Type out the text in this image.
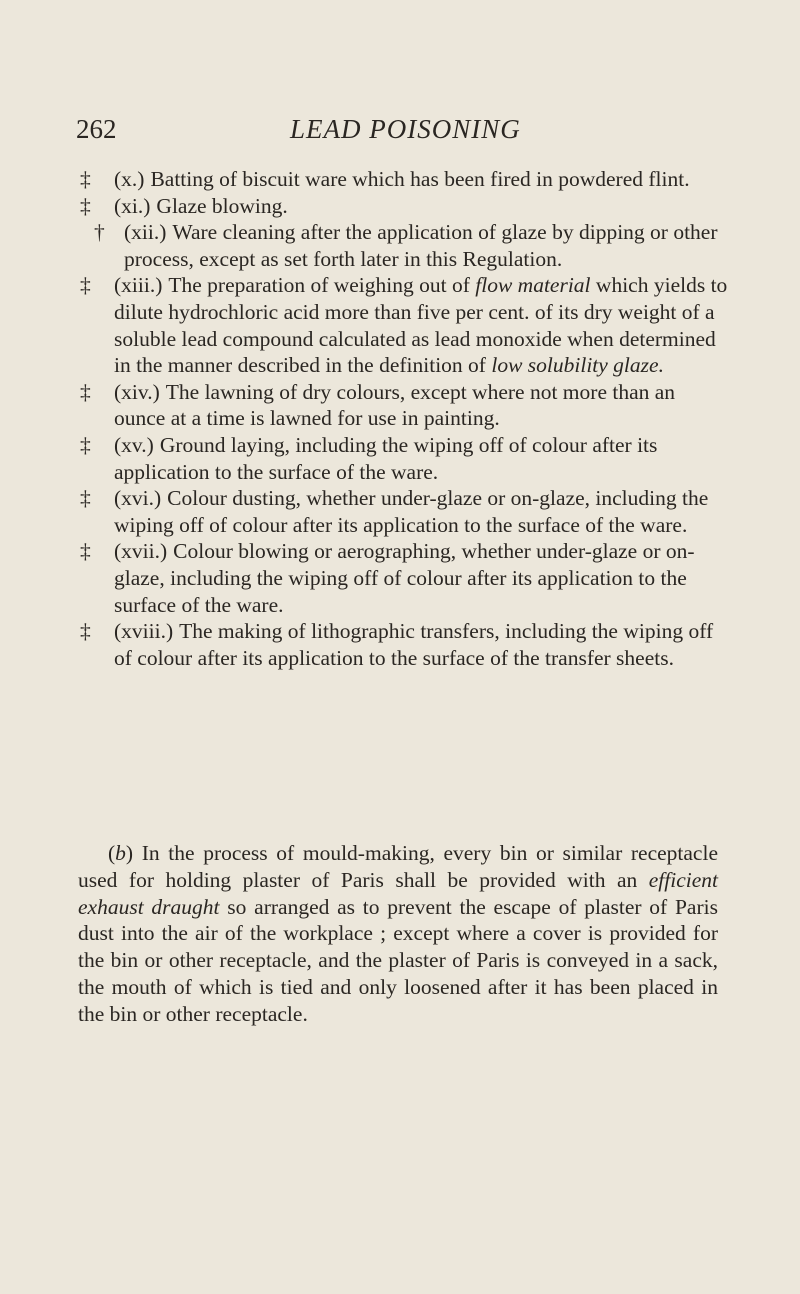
262	LEAD POISONING

‡	(x.) Batting of biscuit ware which has been fired in powdered flint.

‡	(xi.) Glaze blowing.

† (xii.) Ware cleaning after the application of glaze by dipping or other process, except as set forth later in this Regulation.

‡	(xiii.) The preparation of weighing out of flow material which yields to dilute hydrochloric acid more than five per cent. of its dry weight of a soluble lead compound calculated as lead monoxide when determined in the manner described in the definition of low solubility glaze.

‡	(xiv.) The lawning of dry colours, except where not more than an ounce at a time is lawned for use in painting.

‡	(xv.) Ground laying, including the wiping off of colour after its application to the surface of the ware.

‡	(xvi.) Colour dusting, whether under-glaze or on-glaze, including the wiping off of colour after its application to the surface of the ware.

‡	(xvii.) Colour blowing or aerographing, whether under-glaze or on-glaze, including the wiping off of colour after its application to the surface of the ware.

‡	(xviii.) The making of lithographic transfers, including the wiping off of colour after its application to the surface of the transfer sheets.

(b) In the process of mould-making, every bin or similar receptacle used for holding plaster of Paris shall be provided with an efficient exhaust draught so arranged as to prevent the escape of plaster of Paris dust into the air of the workplace ; except where a cover is provided for the bin or other receptacle, and the plaster of Paris is conveyed in a sack, the mouth of which is tied and only loosened after it has been placed in the bin or other receptacle.
